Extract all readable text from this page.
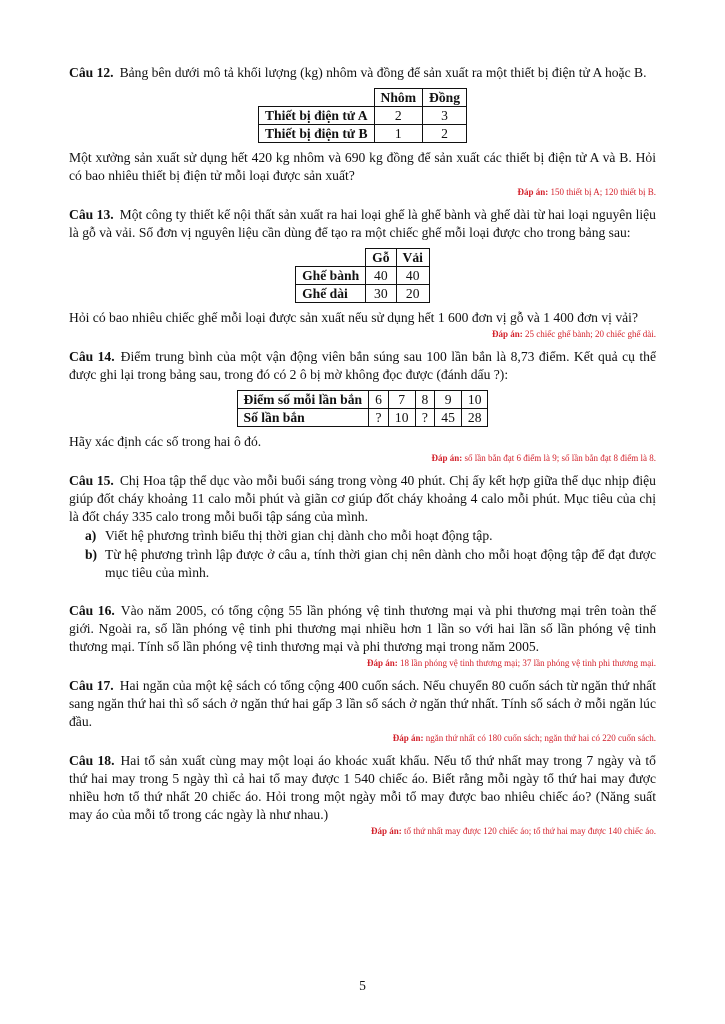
Câu 12. Bảng bên dưới mô tả khối lượng (kg) nhôm và đồng để sản xuất ra một thiết bị điện tử A hoặc B.

	Nhôm	Đồng
Thiết bị điện tử A	2	3
Thiết bị điện tử B	1	2

Một xưởng sản xuất sử dụng hết 420 kg nhôm và 690 kg đồng để sản xuất các thiết bị điện tử A và B. Hỏi có bao nhiêu thiết bị điện tử mỗi loại được sản xuất?

Đáp án: 150 thiết bị A; 120 thiết bị B.

Câu 13. Một công ty thiết kế nội thất sản xuất ra hai loại ghế là ghế bành và ghế dài từ hai loại nguyên liệu là gỗ và vải. Số đơn vị nguyên liệu cần dùng để tạo ra một chiếc ghế mỗi loại được cho trong bảng sau:

	Gỗ	Vải
Ghế bành	40	40
Ghế dài	30	20

Hỏi có bao nhiêu chiếc ghế mỗi loại được sản xuất nếu sử dụng hết 1 600 đơn vị gỗ và 1 400 đơn vị vải?

Đáp án: 25 chiếc ghế bành; 20 chiếc ghế dài.

Câu 14. Điểm trung bình của một vận động viên bắn súng sau 100 lần bắn là 8,73 điểm. Kết quả cụ thể được ghi lại trong bảng sau, trong đó có 2 ô bị mờ không đọc được (đánh dấu ?):

Điểm số mỗi lần bắn	6	7	8	9	10
Số lần bắn	?	10	?	45	28

Hãy xác định các số trong hai ô đó.

Đáp án: số lần bắn đạt 6 điểm là 9; số lần bắn đạt 8 điểm là 8.

Câu 15. Chị Hoa tập thể dục vào mỗi buổi sáng trong vòng 40 phút. Chị ấy kết hợp giữa thể dục nhịp điệu giúp đốt cháy khoảng 11 calo mỗi phút và giãn cơ giúp đốt cháy khoảng 4 calo mỗi phút. Mục tiêu của chị là đốt cháy 335 calo trong mỗi buổi tập sáng của mình.

a) Viết hệ phương trình biểu thị thời gian chị dành cho mỗi hoạt động tập.

b) Từ hệ phương trình lập được ở câu a, tính thời gian chị nên dành cho mỗi hoạt động tập để đạt được mục tiêu của mình.

Câu 16. Vào năm 2005, có tổng cộng 55 lần phóng vệ tinh thương mại và phi thương mại trên toàn thế giới. Ngoài ra, số lần phóng vệ tinh phi thương mại nhiều hơn 1 lần so với hai lần số lần phóng vệ tinh thương mại. Tính số lần phóng vệ tinh thương mại và phi thương mại trong năm 2005.

Đáp án: 18 lần phóng vệ tinh thương mại; 37 lần phóng vệ tinh phi thương mại.

Câu 17. Hai ngăn của một kệ sách có tổng cộng 400 cuốn sách. Nếu chuyển 80 cuốn sách từ ngăn thứ nhất sang ngăn thứ hai thì số sách ở ngăn thứ hai gấp 3 lần số sách ở ngăn thứ nhất. Tính số sách ở mỗi ngăn lúc đầu.

Đáp án: ngăn thứ nhất có 180 cuốn sách; ngăn thứ hai có 220 cuốn sách.

Câu 18. Hai tổ sản xuất cùng may một loại áo khoác xuất khẩu. Nếu tổ thứ nhất may trong 7 ngày và tổ thứ hai may trong 5 ngày thì cả hai tổ may được 1 540 chiếc áo. Biết rằng mỗi ngày tổ thứ hai may được nhiều hơn tổ thứ nhất 20 chiếc áo. Hỏi trong một ngày mỗi tổ may được bao nhiêu chiếc áo? (Năng suất may áo của mỗi tổ trong các ngày là như nhau.)

Đáp án: tổ thứ nhất may được 120 chiếc áo; tổ thứ hai may được 140 chiếc áo.
5
